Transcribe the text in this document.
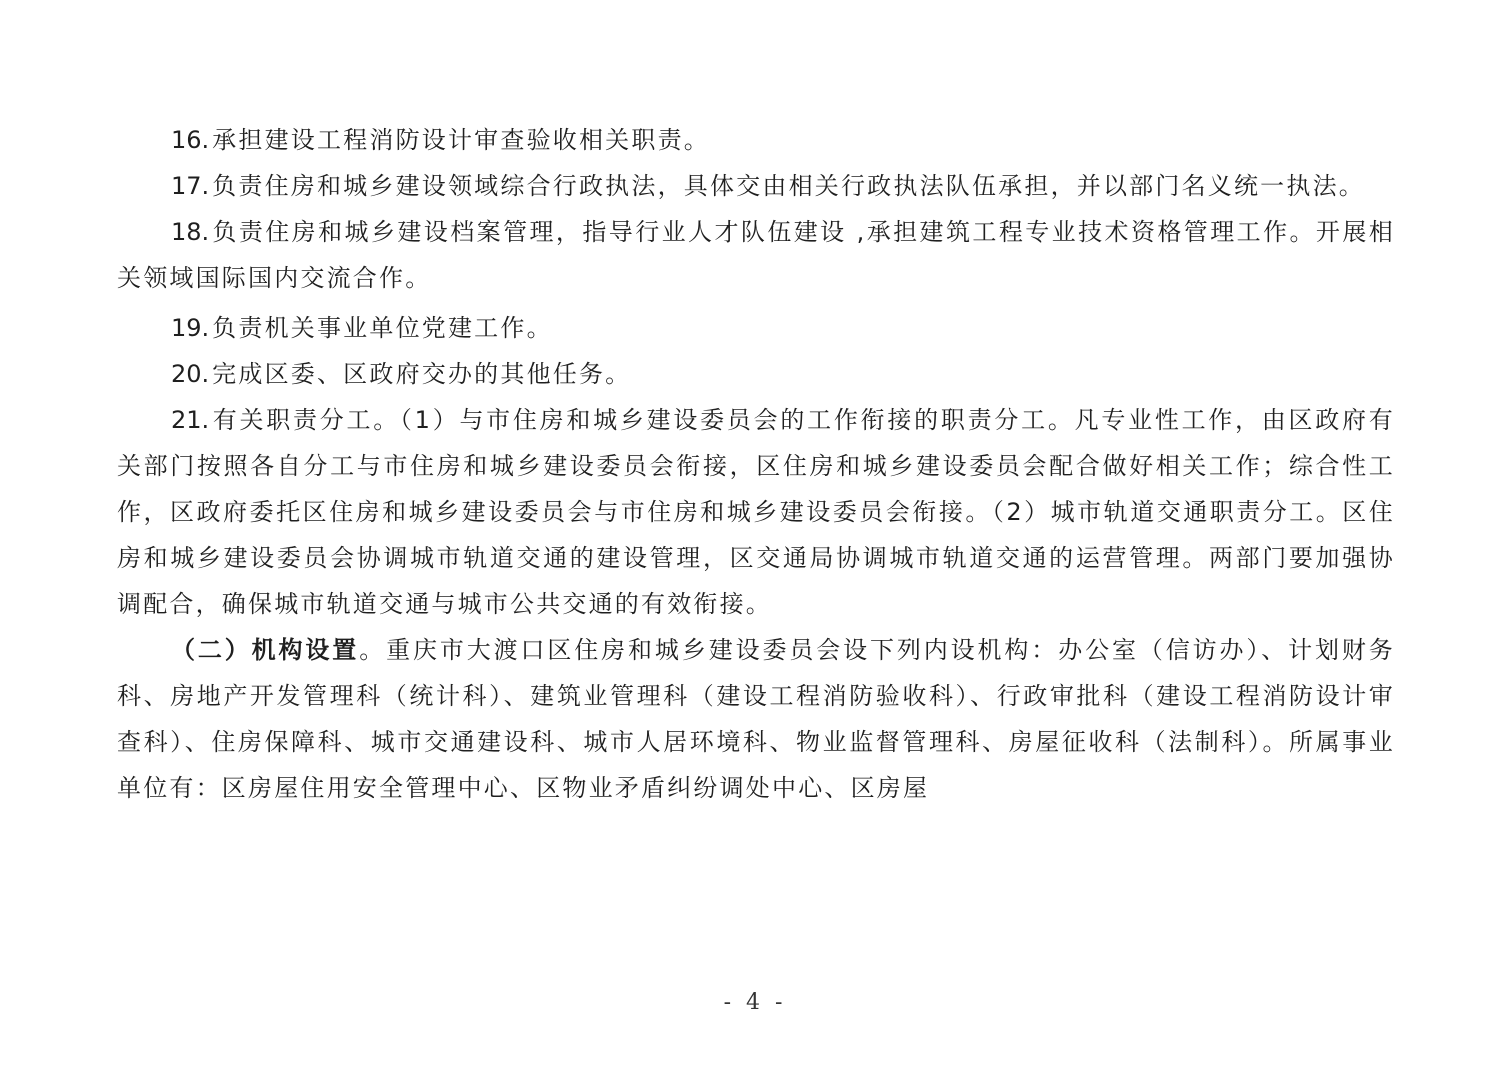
16. 承担建设工程消防设计审查验收相关职责。

17. 负责住房和城乡建设领域综合行政执法，具体交由相关行政执法队伍承担，并以部门名义统一执法。

18. 负责住房和城乡建设档案管理，指导行业人才队伍建设 ,承担建筑工程专业技术资格管理工作。开展相关领域国际国内交流合作。

19. 负责机关事业单位党建工作。

20. 完成区委、区政府交办的其他任务。

21. 有关职责分工。（1）与市住房和城乡建设委员会的工作衔接的职责分工。凡专业性工作，由区政府有关部门按照各自分工与市住房和城乡建设委员会衔接，区住房和城乡建设委员会配合做好相关工作；综合性工作，区政府委托区住房和城乡建设委员会与市住房和城乡建设委员会衔接。（2）城市轨道交通职责分工。区住房和城乡建设委员会协调城市轨道交通的建设管理，区交通局协调城市轨道交通的运营管理。两部门要加强协调配合，确保城市轨道交通与城市公共交通的有效衔接。

（二）机构设置。重庆市大渡口区住房和城乡建设委员会设下列内设机构：办公室（信访办）、计划财务科、房地产开发管理科（统计科）、建筑业管理科（建设工程消防验收科）、行政审批科（建设工程消防设计审查科）、住房保障科、城市交通建设科、城市人居环境科、物业监督管理科、房屋征收科（法制科）。所属事业单位有：区房屋住用安全管理中心、区物业矛盾纠纷调处中心、区房屋

- 4 -
